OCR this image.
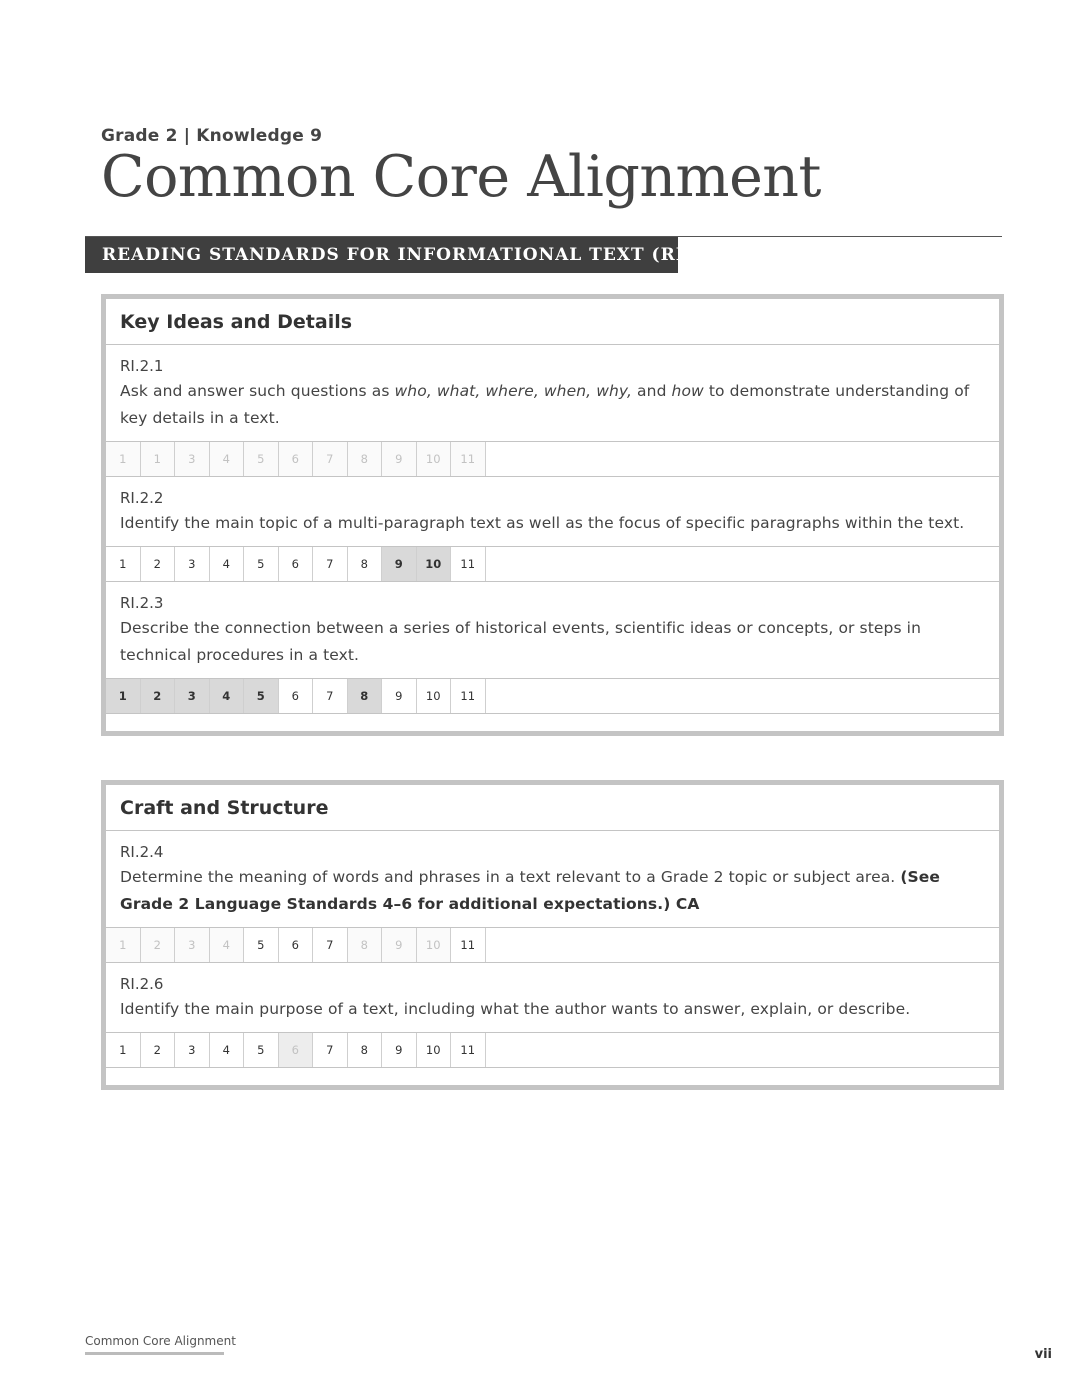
Grade 2 | Knowledge 9
Common Core Alignment
READING STANDARDS FOR INFORMATIONAL TEXT (RI)
Key Ideas and Details
RI.2.1
Ask and answer such questions as who, what, where, when, why, and how to demonstrate understanding of key details in a text.
1	1	3	4	5	6	7	8	9	10	11
RI.2.2
Identify the main topic of a multi-paragraph text as well as the focus of specific paragraphs within the text.
1	2	3	4	5	6	7	8	9	10	11
RI.2.3
Describe the connection between a series of historical events, scientific ideas or concepts, or steps in technical procedures in a text.
1	2	3	4	5	6	7	8	9	10	11
Craft and Structure
RI.2.4
Determine the meaning of words and phrases in a text relevant to a Grade 2 topic or subject area. (See Grade 2 Language Standards 4–6 for additional expectations.) CA
1	2	3	4	5	6	7	8	9	10	11
RI.2.6
Identify the main purpose of a text, including what the author wants to answer, explain, or describe.
1	2	3	4	5	6	7	8	9	10	11
Common Core Alignment
vii
